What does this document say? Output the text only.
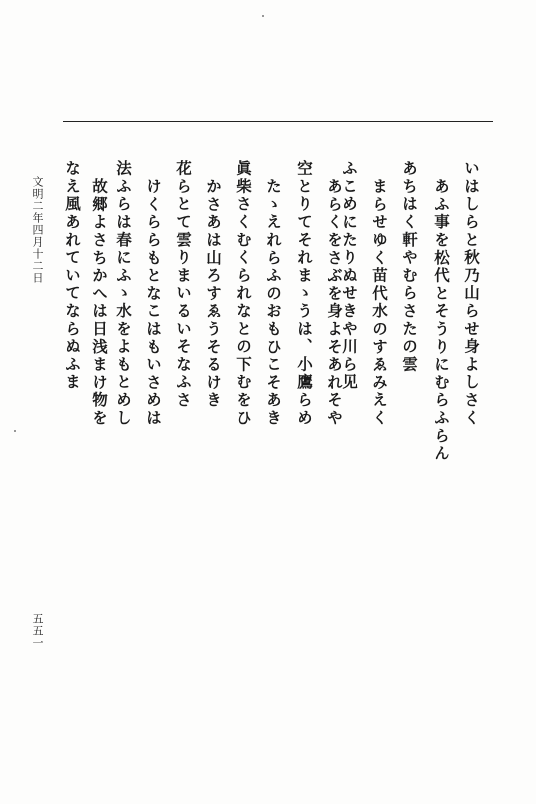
いはしらと秋乃山らせ身よしさく
あふ事を松代とそうりにむらふらん
あちはく軒やむらさたの雲
まらせゆく苗代水のすゑみえく
ふこめにたりぬせきや川ら见
あらくをさぶを身よそあれそや
空とりてそれまゝうは、小鷹らめ
たゝえれらふのおもひこそあき
眞柴さくむくられなとの下むをひ
かさあは山ろすゑうそるけき
花らとて雲りまいるいそなふさ
けくららもとなこはもいさめは
法ふらは春にふゝ水をよもとめし
故郷よさちかへは日浅まけ物を
なえ風あれていてならぬふま
文明二年四月十二日
五五一
